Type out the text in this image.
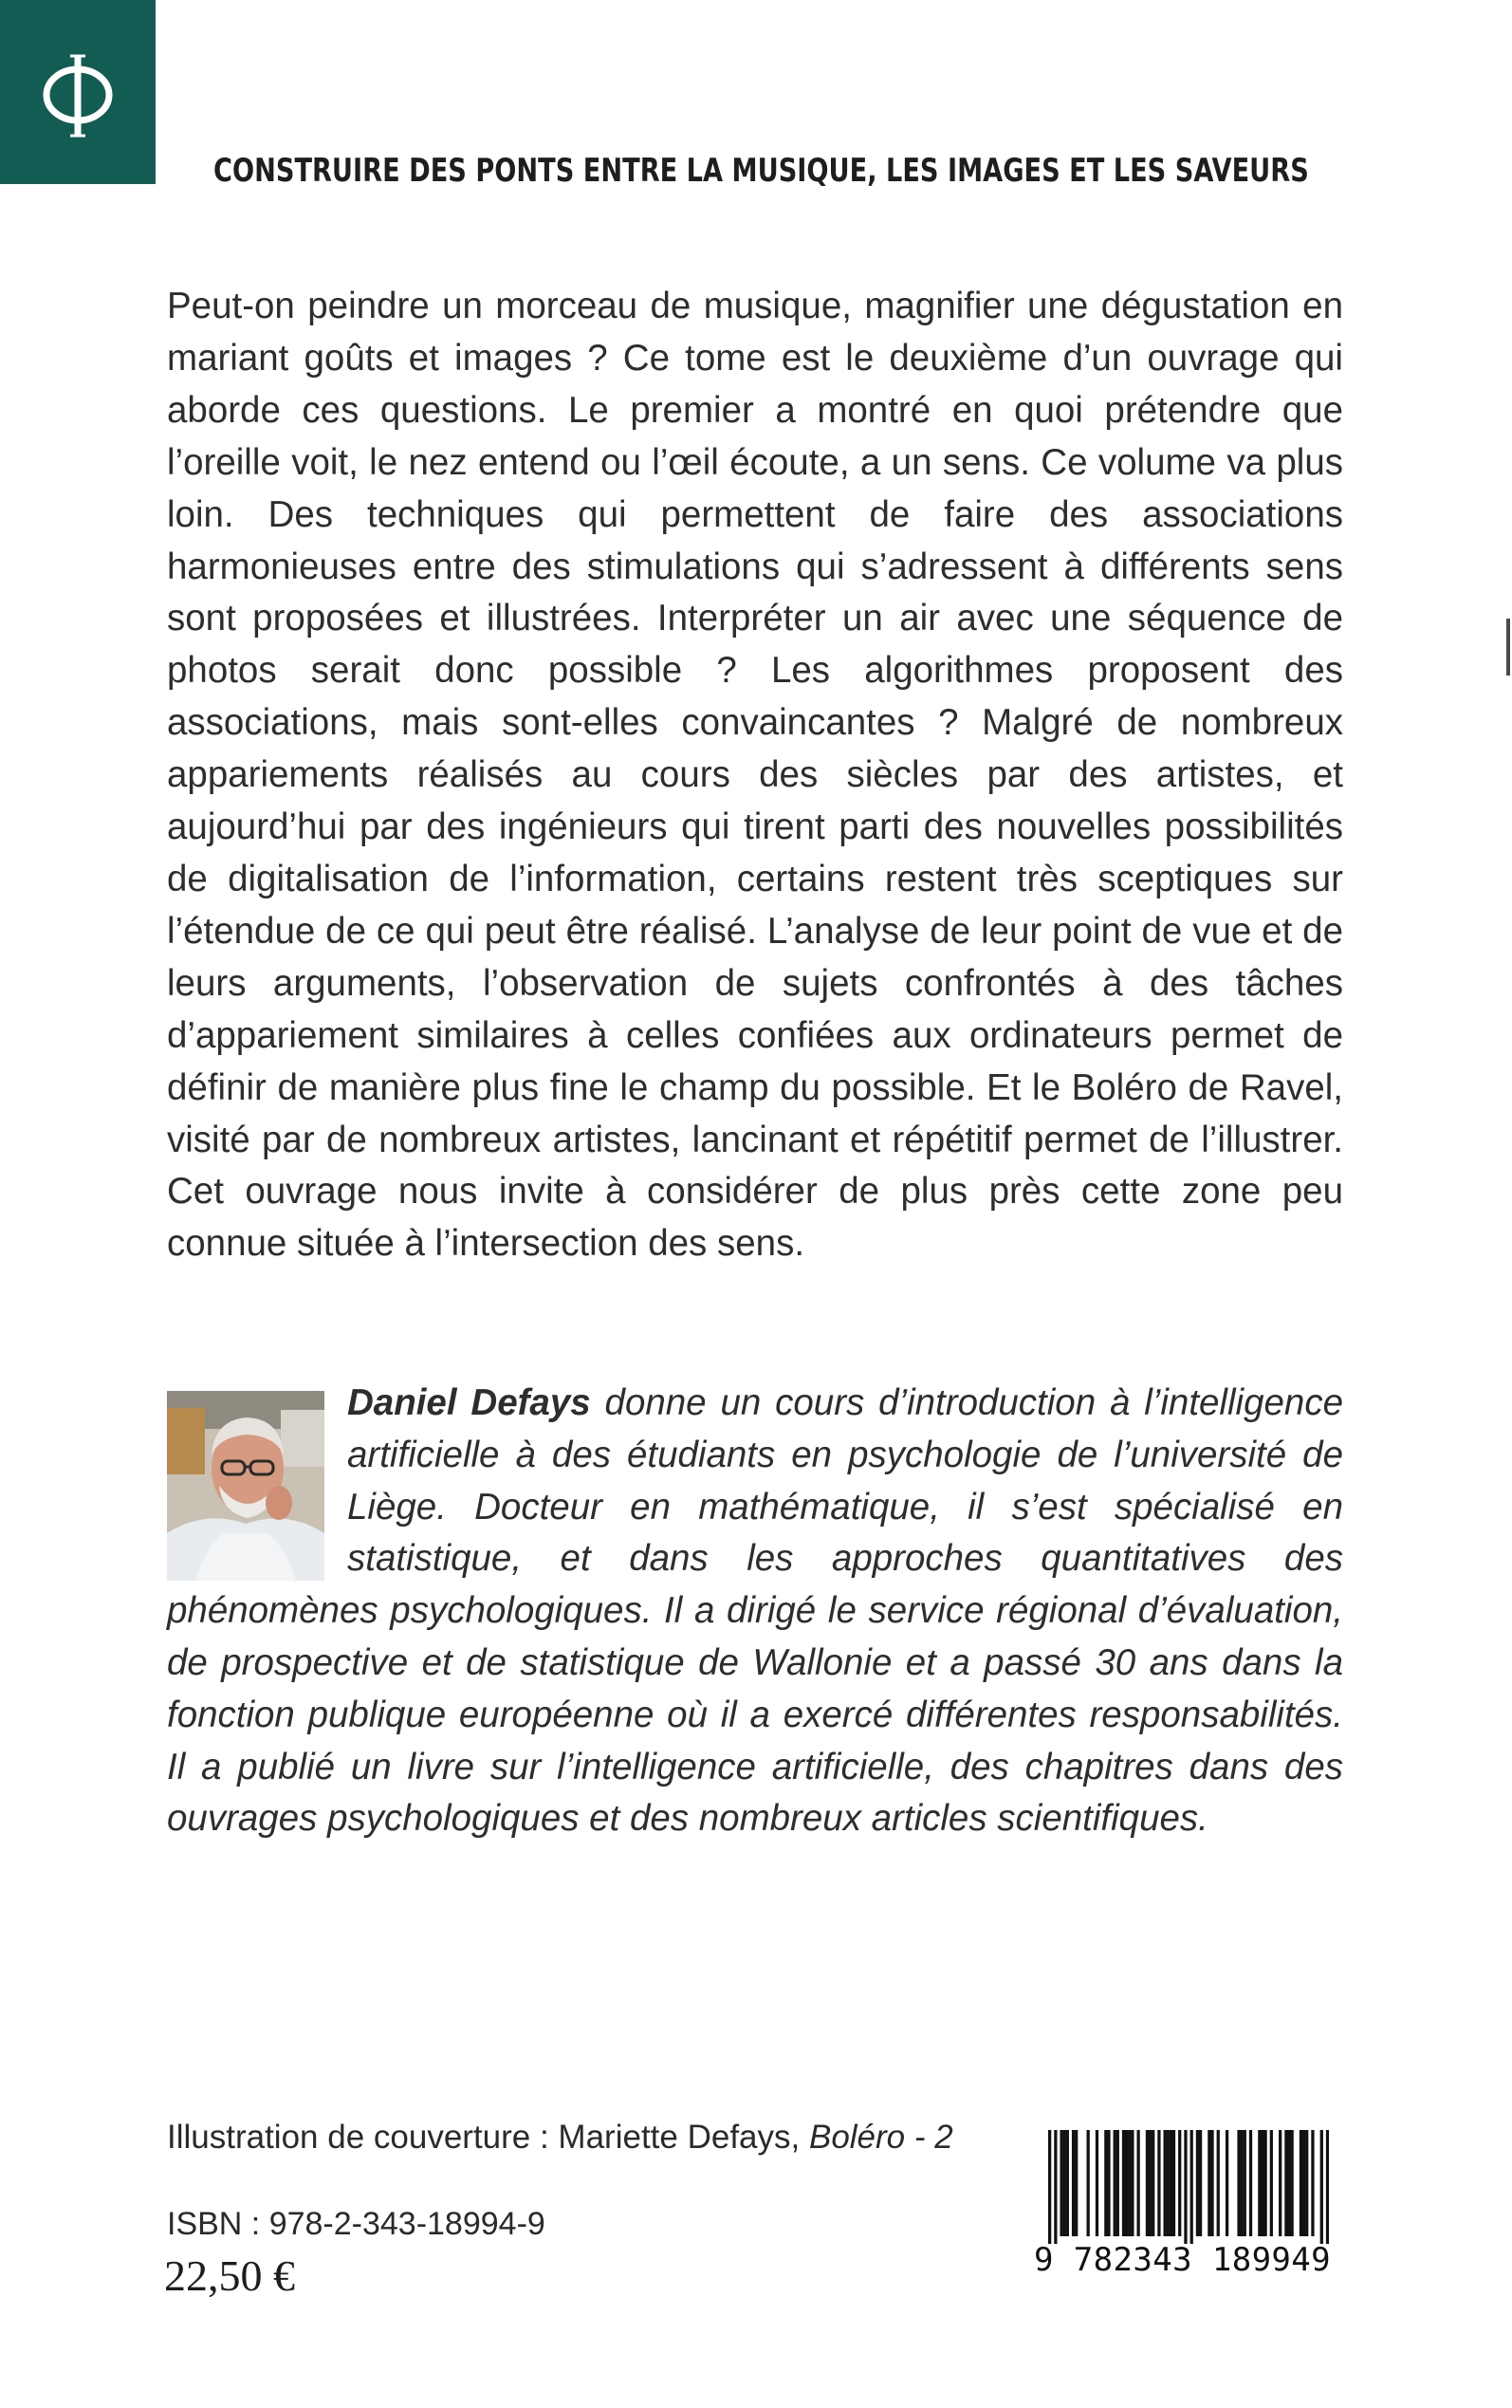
CONSTRUIRE DES PONTS ENTRE LA MUSIQUE, LES IMAGES ET LES SAVEURS

Peut-on peindre un morceau de musique, magnifier une dégustation en mariant goûts et images ? Ce tome est le deuxième d’un ouvrage qui aborde ces questions. Le premier a montré en quoi prétendre que l’oreille voit, le nez entend ou l’œil écoute, a un sens. Ce volume va plus loin. Des techniques qui permettent de faire des associations harmonieuses entre des stimulations qui s’adressent à différents sens sont proposées et illustrées. Interpréter un air avec une séquence de photos serait donc possible ? Les algorithmes proposent des associations, mais sont-elles convaincantes ? Malgré de nombreux appariements réalisés au cours des siècles par des artistes, et aujourd’hui par des ingénieurs qui tirent parti des nouvelles possibilités de digitalisation de l’information, certains restent très sceptiques sur l’étendue de ce qui peut être réalisé. L’analyse de leur point de vue et de leurs arguments, l’observation de sujets confrontés à des tâches d’appariement similaires à celles confiées aux ordinateurs permet de définir de manière plus fine le champ du possible. Et le Boléro de Ravel, visité par de nombreux artistes, lancinant et répétitif permet de l’illustrer. Cet ouvrage nous invite à considérer de plus près cette zone peu connue située à l’intersection des sens.

Daniel Defays donne un cours d’introduction à l’intelligence artificielle à des étudiants en psychologie de l’université de Liège. Docteur en mathématique, il s’est spécialisé en statistique, et dans les approches quantitatives des phénomènes psychologiques. Il a dirigé le service régional d’évaluation, de prospective et de statistique de Wallonie et a passé 30 ans dans la fonction publique européenne où il a exercé différentes responsabilités. Il a publié un livre sur l’intelligence artificielle, des chapitres dans des ouvrages psychologiques et des nombreux articles scientifiques.

Illustration de couverture : Mariette Defays, Boléro - 2
ISBN : 978-2-343-18994-9
22,50 €	9 782343 189949
